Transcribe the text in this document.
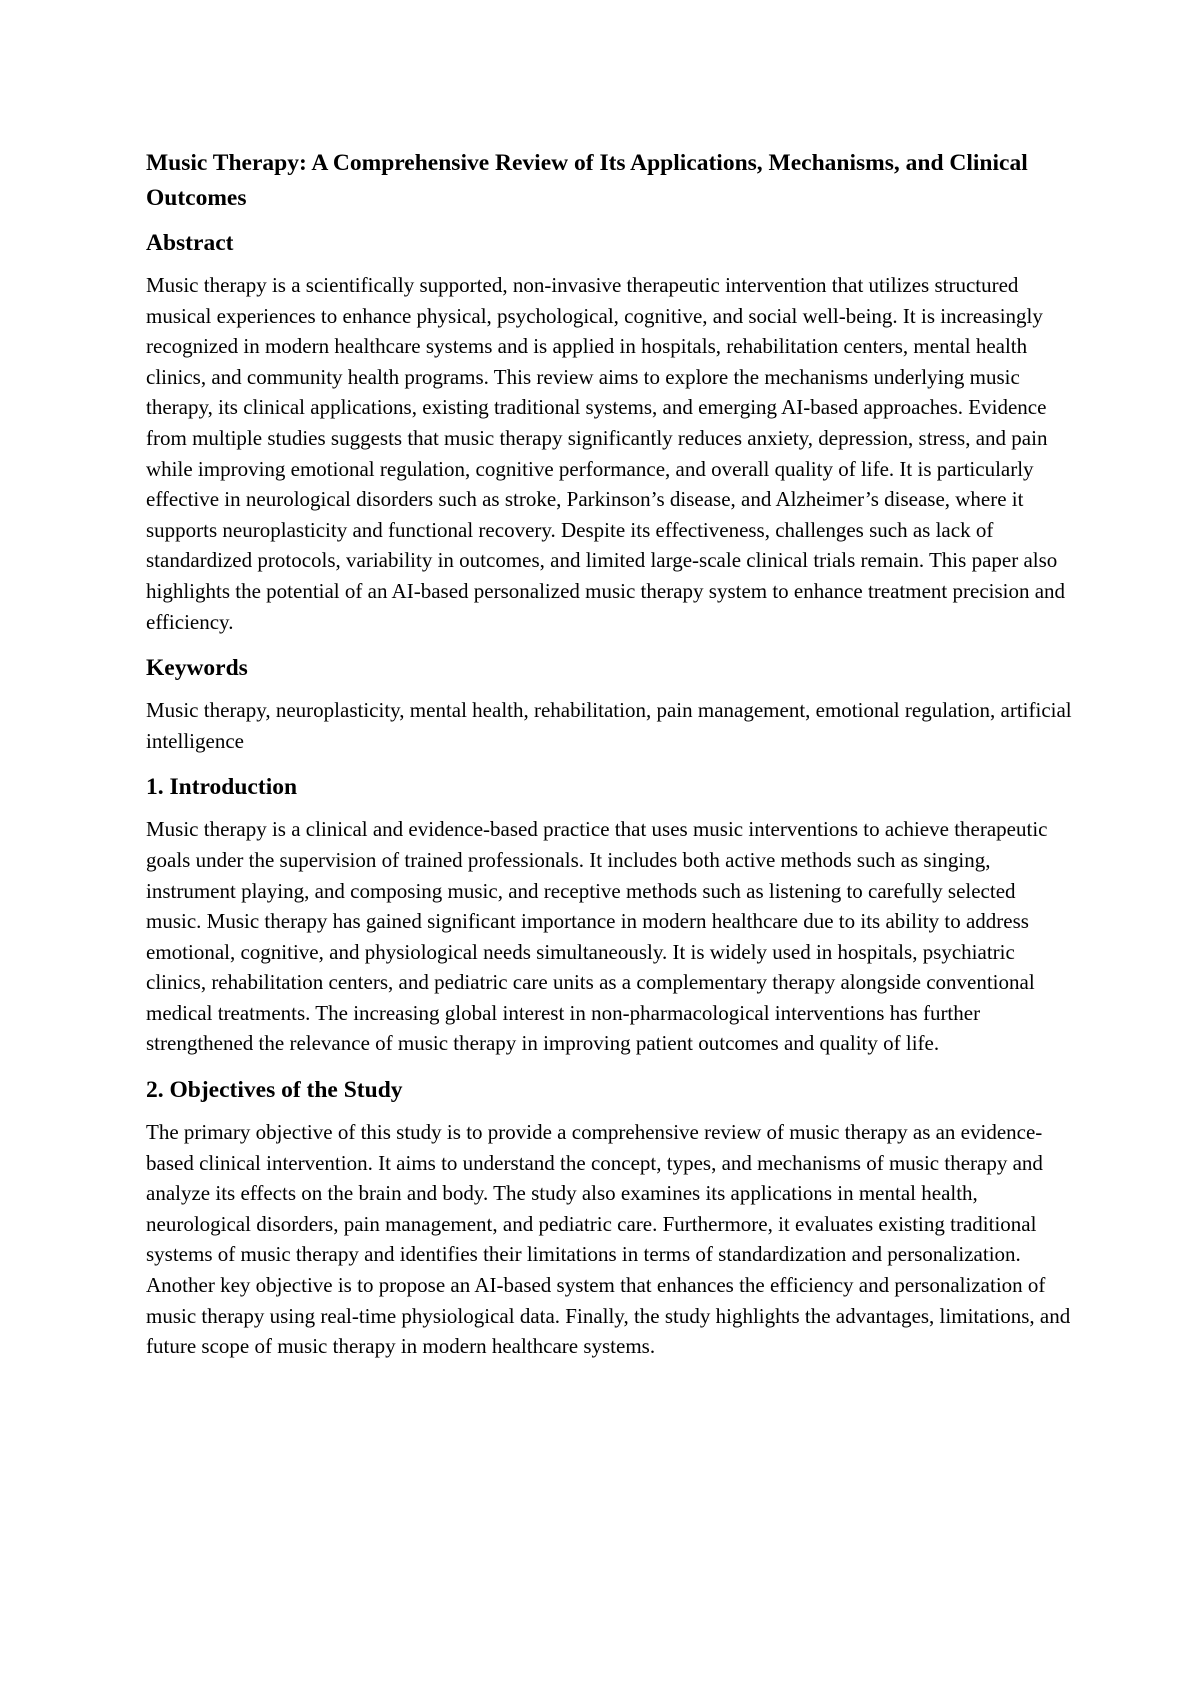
Music Therapy: A Comprehensive Review of Its Applications, Mechanisms, and Clinical Outcomes
Abstract

Music therapy is a scientifically supported, non-invasive therapeutic intervention that utilizes structured musical experiences to enhance physical, psychological, cognitive, and social well-being. It is increasingly recognized in modern healthcare systems and is applied in hospitals, rehabilitation centers, mental health clinics, and community health programs. This review aims to explore the mechanisms underlying music therapy, its clinical applications, existing traditional systems, and emerging AI-based approaches. Evidence from multiple studies suggests that music therapy significantly reduces anxiety, depression, stress, and pain while improving emotional regulation, cognitive performance, and overall quality of life. It is particularly effective in neurological disorders such as stroke, Parkinson’s disease, and Alzheimer’s disease, where it supports neuroplasticity and functional recovery. Despite its effectiveness, challenges such as lack of standardized protocols, variability in outcomes, and limited large-scale clinical trials remain. This paper also highlights the potential of an AI-based personalized music therapy system to enhance treatment precision and efficiency.

Keywords

Music therapy, neuroplasticity, mental health, rehabilitation, pain management, emotional regulation, artificial intelligence

1. Introduction

Music therapy is a clinical and evidence-based practice that uses music interventions to achieve therapeutic goals under the supervision of trained professionals. It includes both active methods such as singing, instrument playing, and composing music, and receptive methods such as listening to carefully selected music. Music therapy has gained significant importance in modern healthcare due to its ability to address emotional, cognitive, and physiological needs simultaneously. It is widely used in hospitals, psychiatric clinics, rehabilitation centers, and pediatric care units as a complementary therapy alongside conventional medical treatments. The increasing global interest in non-pharmacological interventions has further strengthened the relevance of music therapy in improving patient outcomes and quality of life.

2. Objectives of the Study

The primary objective of this study is to provide a comprehensive review of music therapy as an evidence-based clinical intervention. It aims to understand the concept, types, and mechanisms of music therapy and analyze its effects on the brain and body. The study also examines its applications in mental health, neurological disorders, pain management, and pediatric care. Furthermore, it evaluates existing traditional systems of music therapy and identifies their limitations in terms of standardization and personalization. Another key objective is to propose an AI-based system that enhances the efficiency and personalization of music therapy using real-time physiological data. Finally, the study highlights the advantages, limitations, and future scope of music therapy in modern healthcare systems.
